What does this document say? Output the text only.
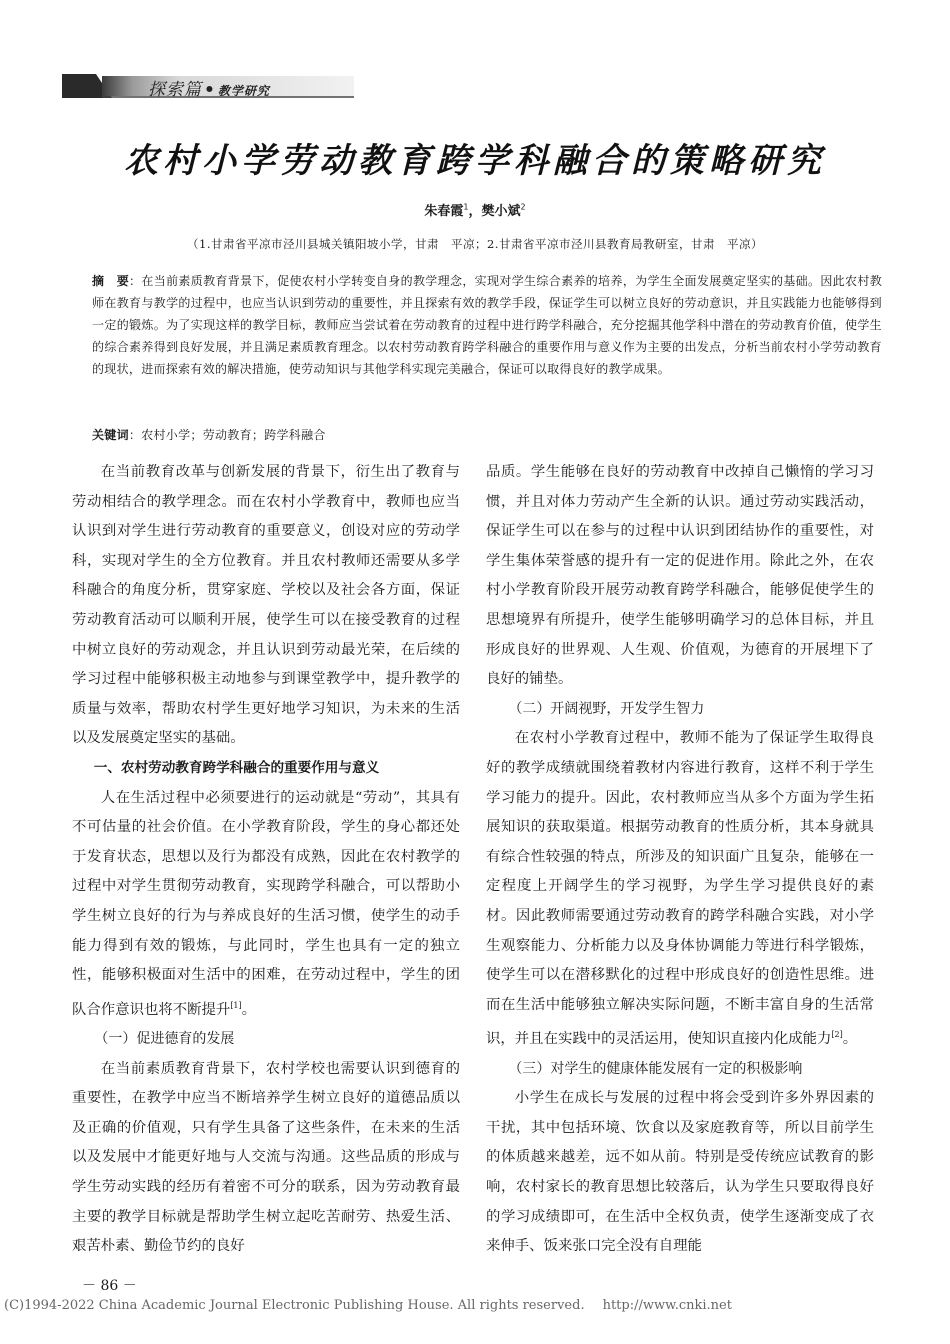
探索篇 • 教学研究
农村小学劳动教育跨学科融合的策略研究
朱春霞$^1$，樊小斌$^2$
（1.甘肃省平凉市泾川县城关镇阳坡小学，甘肃　平凉；2.甘肃省平凉市泾川县教育局教研室，甘肃　平凉）
摘　要：在当前素质教育背景下，促使农村小学转变自身的教学理念，实现对学生综合素养的培养，为学生全面发展奠定坚实的基础。因此农村教师在教育与教学的过程中，也应当认识到劳动的重要性，并且探索有效的教学手段，保证学生可以树立良好的劳动意识，并且实践能力也能够得到一定的锻炼。为了实现这样的教学目标，教师应当尝试着在劳动教育的过程中进行跨学科融合，充分挖掘其他学科中潜在的劳动教育价值，使学生的综合素养得到良好发展，并且满足素质教育理念。以农村劳动教育跨学科融合的重要作用与意义作为主要的出发点，分析当前农村小学劳动教育的现状，进而探索有效的解决措施，使劳动知识与其他学科实现完美融合，保证可以取得良好的教学成果。
关键词：农村小学；劳动教育；跨学科融合

在当前教育改革与创新发展的背景下，衍生出了教育与劳动相结合的教学理念。而在农村小学教育中，教师也应当认识到对学生进行劳动教育的重要意义，创设对应的劳动学科，实现对学生的全方位教育。并且农村教师还需要从多学科融合的角度分析，贯穿家庭、学校以及社会各方面，保证劳动教育活动可以顺利开展，使学生可以在接受教育的过程中树立良好的劳动观念，并且认识到劳动最光荣，在后续的学习过程中能够积极主动地参与到课堂教学中，提升教学的质量与效率，帮助农村学生更好地学习知识，为未来的生活以及发展奠定坚实的基础。

一、农村劳动教育跨学科融合的重要作用与意义

人在生活过程中必须要进行的运动就是“劳动”，其具有不可估量的社会价值。在小学教育阶段，学生的身心都还处于发育状态，思想以及行为都没有成熟，因此在农村教学的过程中对学生贯彻劳动教育，实现跨学科融合，可以帮助小学生树立良好的行为与养成良好的生活习惯，使学生的动手能力得到有效的锻炼，与此同时，学生也具有一定的独立性，能够积极面对生活中的困难，在劳动过程中，学生的团队合作意识也将不断提升[1]。

（一）促进德育的发展

在当前素质教育背景下，农村学校也需要认识到德育的重要性，在教学中应当不断培养学生树立良好的道德品质以及正确的价值观，只有学生具备了这些条件，在未来的生活以及发展中才能更好地与人交流与沟通。这些品质的形成与学生劳动实践的经历有着密不可分的联系，因为劳动教育最主要的教学目标就是帮助学生树立起吃苦耐劳、热爱生活、艰苦朴素、勤俭节约的良好

品质。学生能够在良好的劳动教育中改掉自己懒惰的学习习惯，并且对体力劳动产生全新的认识。通过劳动实践活动，保证学生可以在参与的过程中认识到团结协作的重要性，对学生集体荣誉感的提升有一定的促进作用。除此之外，在农村小学教育阶段开展劳动教育跨学科融合，能够促使学生的思想境界有所提升，使学生能够明确学习的总体目标，并且形成良好的世界观、人生观、价值观，为德育的开展埋下了良好的铺垫。

（二）开阔视野，开发学生智力

在农村小学教育过程中，教师不能为了保证学生取得良好的教学成绩就围绕着教材内容进行教育，这样不利于学生学习能力的提升。因此，农村教师应当从多个方面为学生拓展知识的获取渠道。根据劳动教育的性质分析，其本身就具有综合性较强的特点，所涉及的知识面广且复杂，能够在一定程度上开阔学生的学习视野，为学生学习提供良好的素材。因此教师需要通过劳动教育的跨学科融合实践，对小学生观察能力、分析能力以及身体协调能力等进行科学锻炼，使学生可以在潜移默化的过程中形成良好的创造性思维。进而在生活中能够独立解决实际问题，不断丰富自身的生活常识，并且在实践中的灵活运用，使知识直接内化成能力[2]。

（三）对学生的健康体能发展有一定的积极影响

小学生在成长与发展的过程中将会受到许多外界因素的干扰，其中包括环境、饮食以及家庭教育等，所以目前学生的体质越来越差，远不如从前。特别是受传统应试教育的影响，农村家长的教育思想比较落后，认为学生只要取得良好的学习成绩即可，在生活中全权负责，使学生逐渐变成了衣来伸手、饭来张口完全没有自理能

－ 86 －
(C)1994-2022 China Academic Journal Electronic Publishing House. All rights reserved. http://www.cnki.net
